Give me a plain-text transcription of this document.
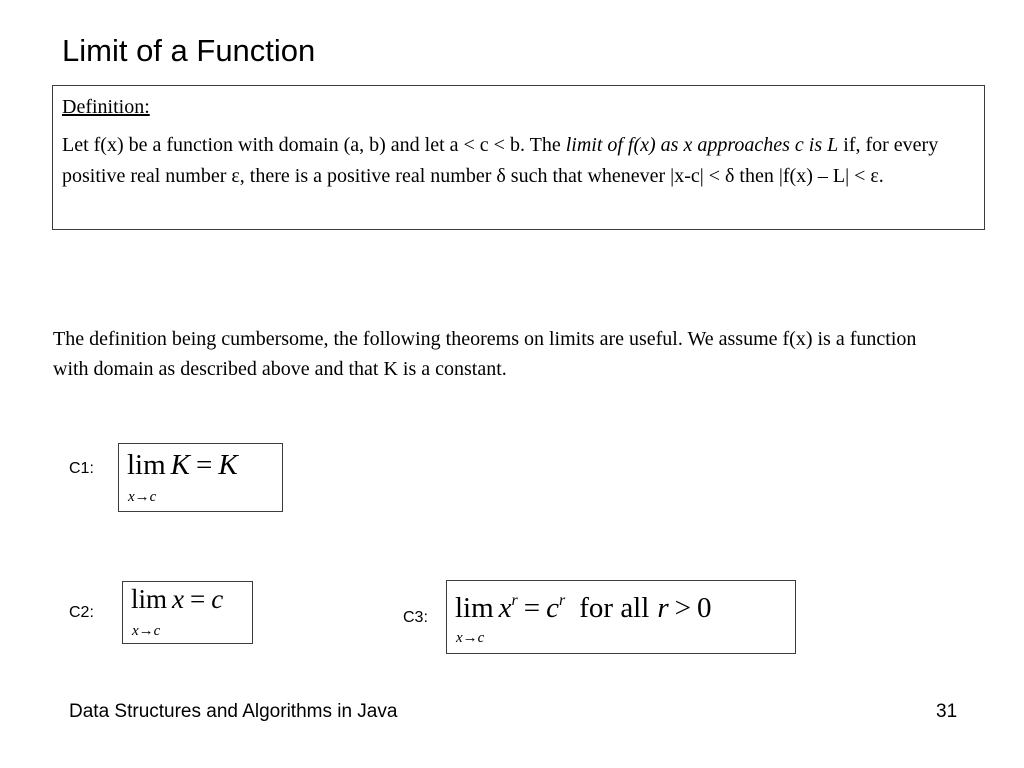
Limit of a Function
Definition:
Let f(x) be a function with domain (a, b) and let a < c < b. The limit of f(x) as x approaches c is L if, for every positive real number ε, there is a positive real number δ such that whenever |x-c| < δ then |f(x) – L| < ε.
The definition being cumbersome, the following theorems on limits are useful. We assume f(x) is a function with domain as described above and that K is a constant.
C1: lim K = K
x→c
C2: lim x = c
x→c
C3: $\lim x^r = c^r$ for all r > 0
x→c
Data Structures and Algorithms in Java	31
